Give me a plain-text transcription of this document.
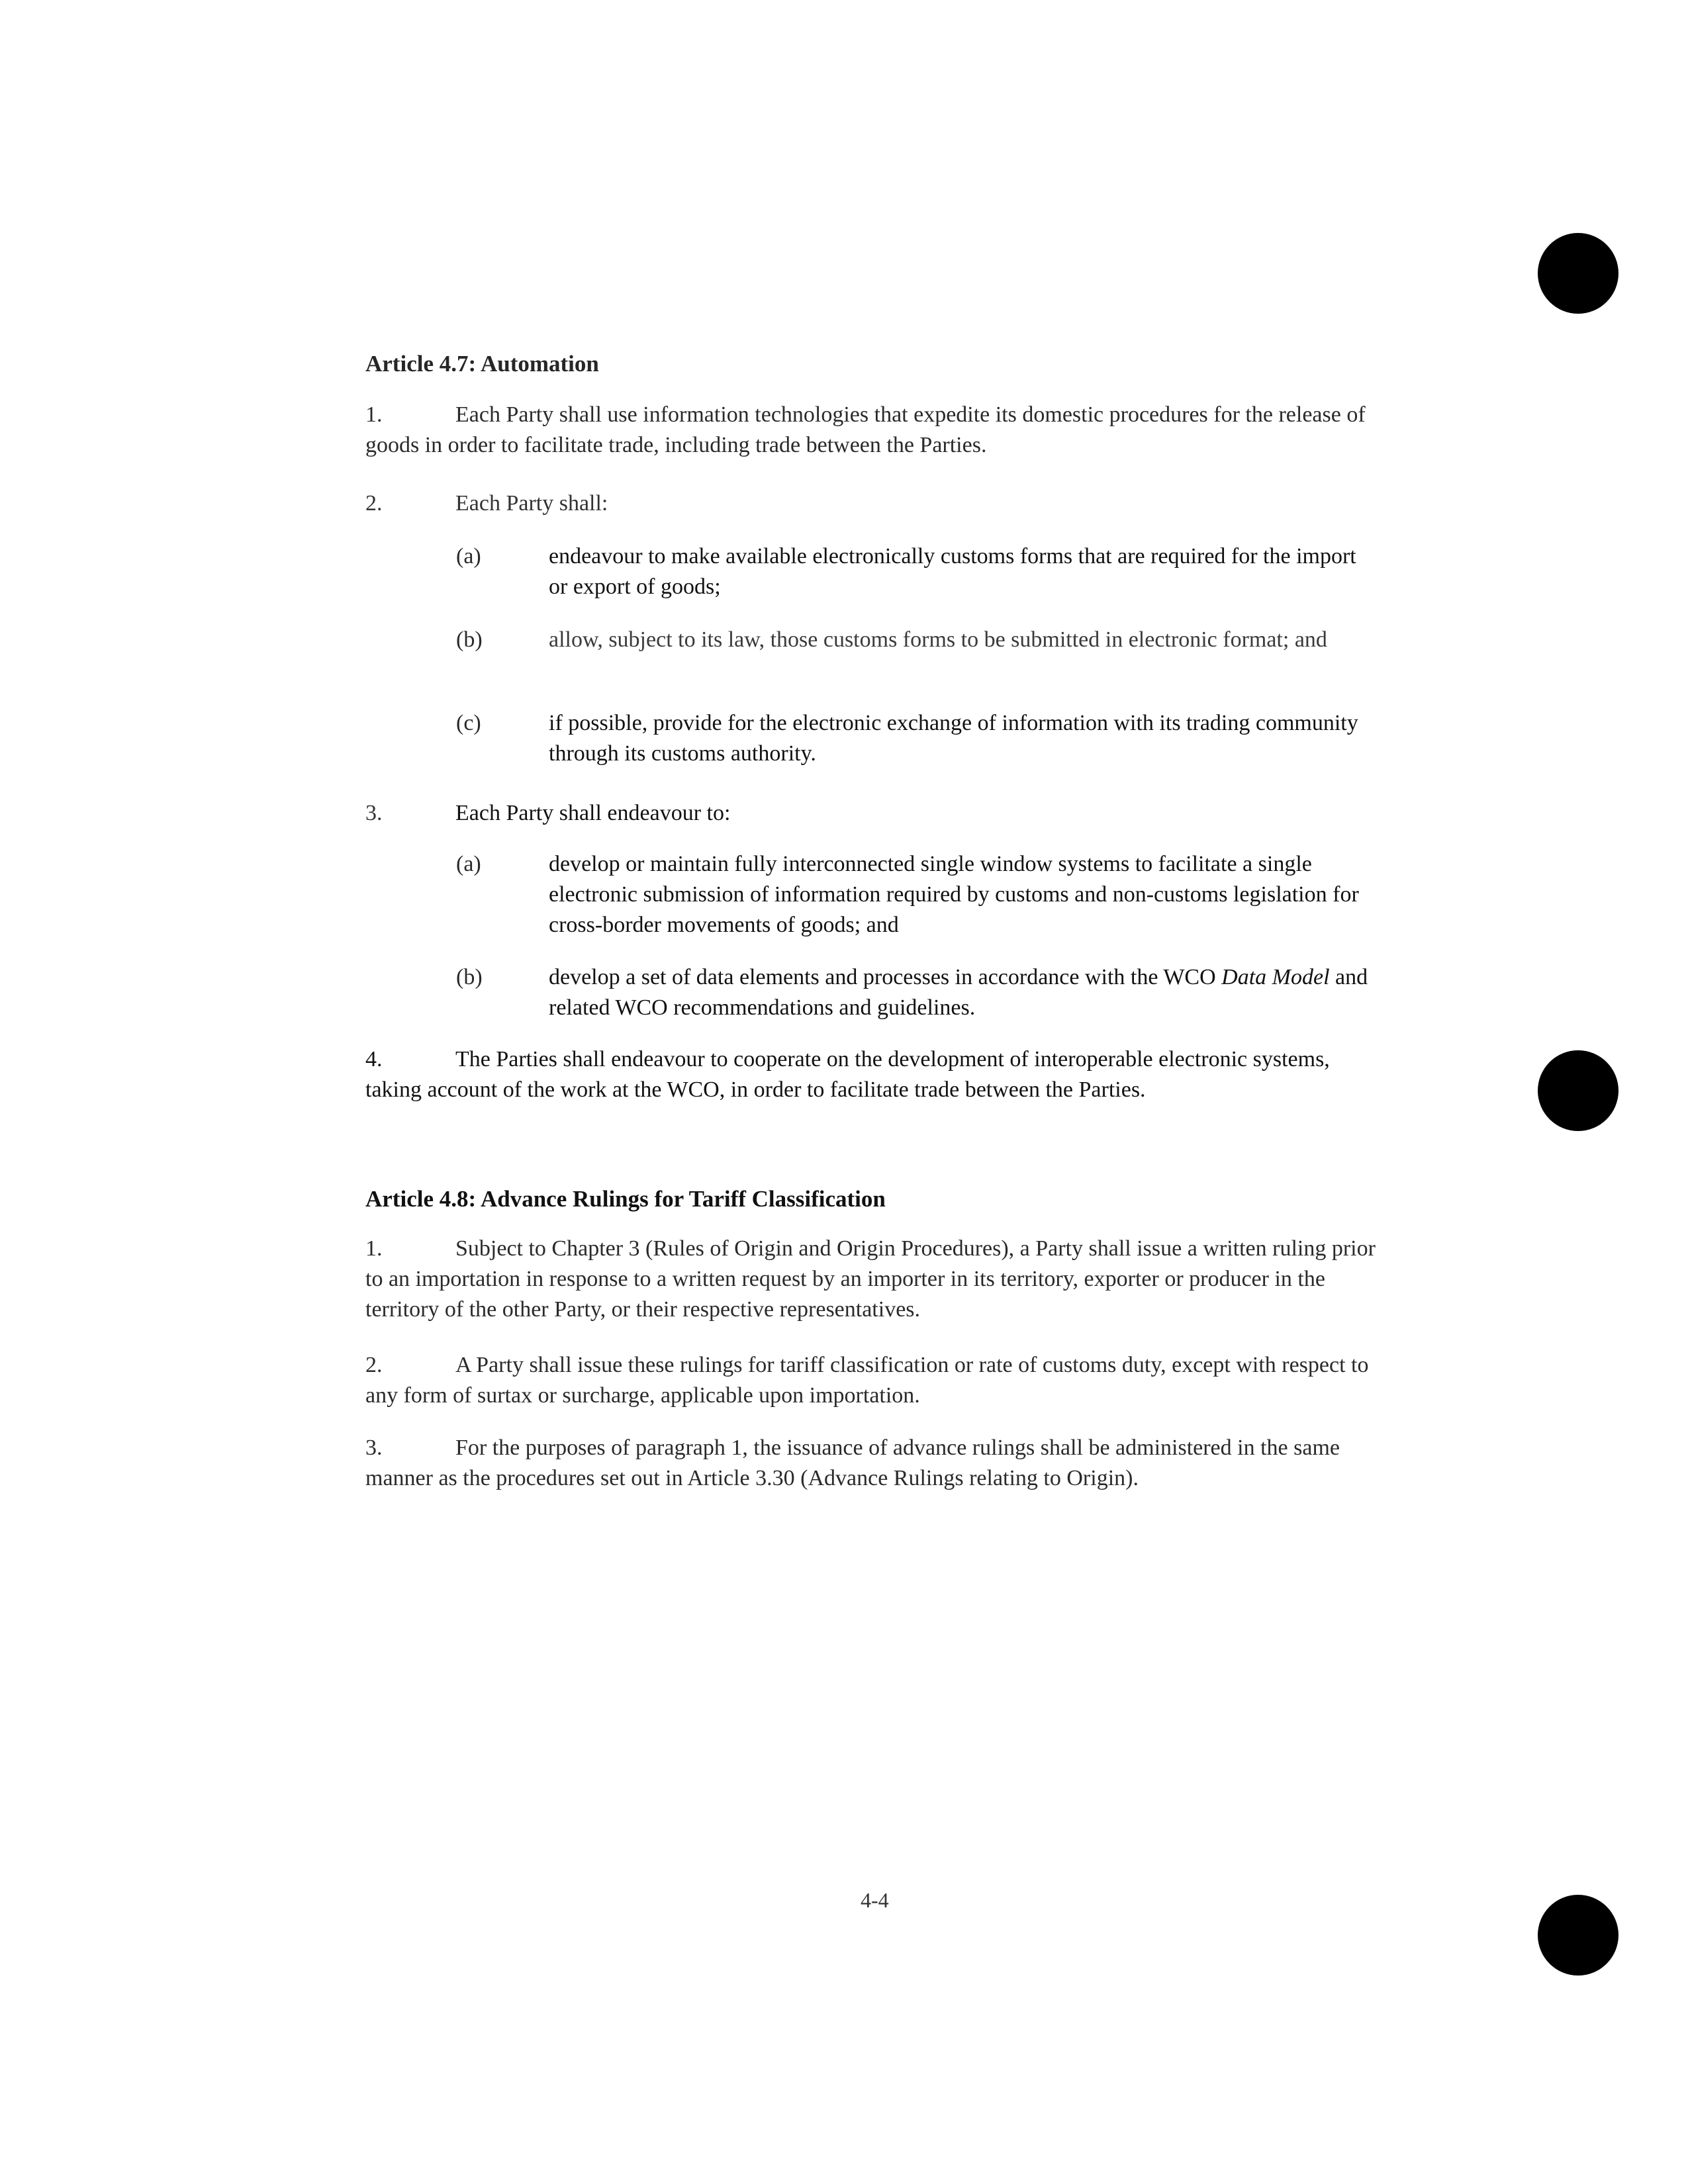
Article 4.7: Automation
1.	Each Party shall use information technologies that expedite its domestic procedures for the release of goods in order to facilitate trade, including trade between the Parties.
2.	Each Party shall:
(a)	endeavour to make available electronically customs forms that are required for the import or export of goods;
(b)	allow, subject to its law, those customs forms to be submitted in electronic format; and
(c)	if possible, provide for the electronic exchange of information with its trading community through its customs authority.
3.	Each Party shall endeavour to:
(a)	develop or maintain fully interconnected single window systems to facilitate a single electronic submission of information required by customs and non-customs legislation for cross-border movements of goods; and
(b)	develop a set of data elements and processes in accordance with the WCO Data Model and related WCO recommendations and guidelines.
4.	The Parties shall endeavour to cooperate on the development of interoperable electronic systems, taking account of the work at the WCO, in order to facilitate trade between the Parties.
Article 4.8: Advance Rulings for Tariff Classification
1.	Subject to Chapter 3 (Rules of Origin and Origin Procedures), a Party shall issue a written ruling prior to an importation in response to a written request by an importer in its territory, exporter or producer in the territory of the other Party, or their respective representatives.
2.	A Party shall issue these rulings for tariff classification or rate of customs duty, except with respect to any form of surtax or surcharge, applicable upon importation.
3.	For the purposes of paragraph 1, the issuance of advance rulings shall be administered in the same manner as the procedures set out in Article 3.30 (Advance Rulings relating to Origin).
4-4
